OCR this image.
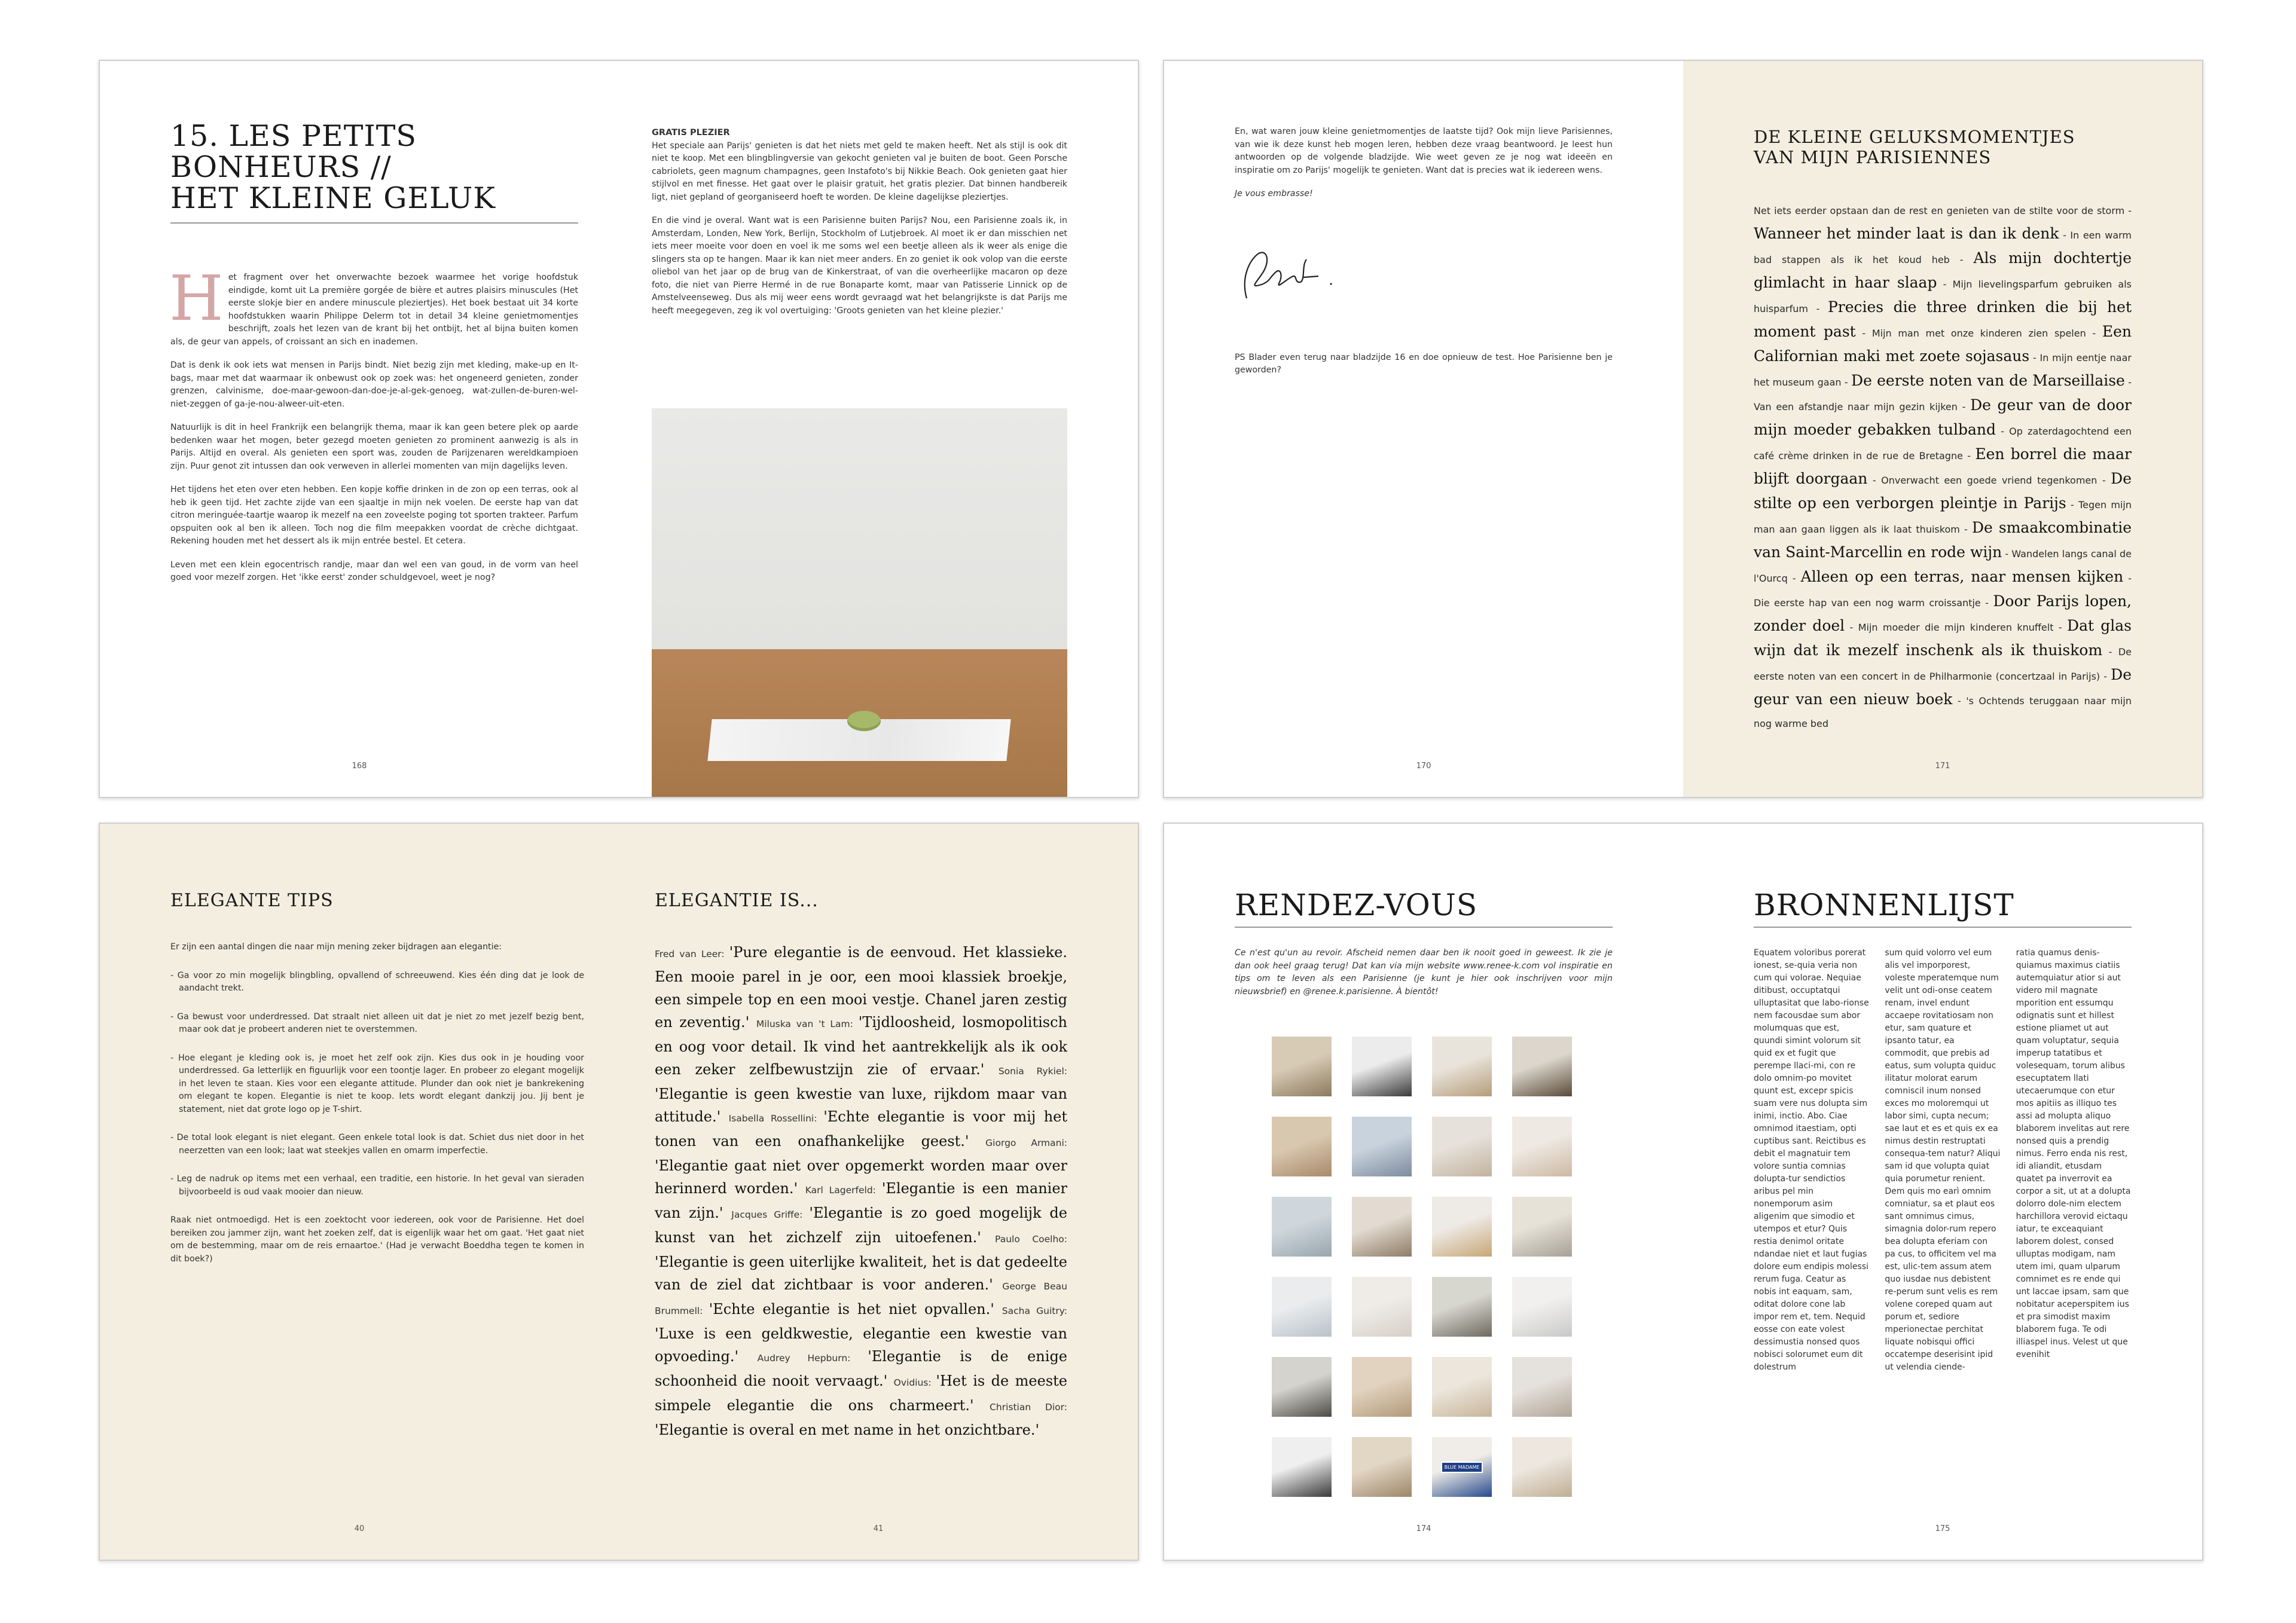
15. LES PETITS BONHEURS //
HET KLEINE GELUK

Het fragment over het onverwachte bezoek waarmee het vorige hoofdstuk eindigde, komt uit La première gorgée de bière et autres plaisirs minuscules (Het eerste slokje bier en andere minuscule pleziertjes). Het boek bestaat uit 34 korte hoofdstukken waarin Philippe Delerm tot in detail 34 kleine genietmomentjes beschrijft, zoals het lezen van de krant bij het ontbijt, het al bijna buiten komen als, de geur van appels, of croissant an sich en inademen.

Dat is denk ik ook iets wat mensen in Parijs bindt. Niet bezig zijn met kleding, make-up en It-bags, maar met dat waarmaar ik onbewust ook op zoek was: het ongeneerd genieten, zonder grenzen, calvinisme, doe-maar-gewoon-dan-doe-je-al-gek-genoeg, wat-zullen-de-buren-wel-niet-zeggen of ga-je-nou-alweer-uit-eten.

Natuurlijk is dit in heel Frankrijk een belangrijk thema, maar ik kan geen betere plek op aarde bedenken waar het mogen, beter gezegd moeten genieten zo prominent aanwezig is als in Parijs. Altijd en overal. Als genieten een sport was, zouden de Parijzenaren wereldkampioen zijn. Puur genot zit intussen dan ook verweven in allerlei momenten van mijn dagelijks leven.

Het tijdens het eten over eten hebben. Een kopje koffie drinken in de zon op een terras, ook al heb ik geen tijd. Het zachte zijde van een sjaaltje in mijn nek voelen. De eerste hap van dat citron meringuée-taartje waarop ik mezelf na een zoveelste poging tot sporten trakteer. Parfum opspuiten ook al ben ik alleen. Toch nog die film meepakken voordat de crèche dichtgaat. Rekening houden met het dessert als ik mijn entrée bestel. Et cetera.

Leven met een klein egocentrisch randje, maar dan wel een van goud, in de vorm van heel goed voor mezelf zorgen. Het 'ikke eerst' zonder schuldgevoel, weet je nog?

168
GRATIS PLEZIER

Het speciale aan Parijs' genieten is dat het niets met geld te maken heeft. Net als stijl is ook dit niet te koop. Met een blingblingversie van gekocht genieten val je buiten de boot. Geen Porsche cabriolets, geen magnum champagnes, geen Instafoto's bij Nikkie Beach. Ook genieten gaat hier stijlvol en met finesse. Het gaat over le plaisir gratuit, het gratis plezier. Dat binnen handbereik ligt, niet gepland of georganiseerd hoeft te worden. De kleine dagelijkse pleziertjes.

En die vind je overal. Want wat is een Parisienne buiten Parijs? Nou, een Parisienne zoals ik, in Amsterdam, Londen, New York, Berlijn, Stockholm of Lutjebroek. Al moet ik er dan misschien net iets meer moeite voor doen en voel ik me soms wel een beetje alleen als ik weer als enige die slingers sta op te hangen. Maar ik kan niet meer anders. En zo geniet ik ook volop van die eerste oliebol van het jaar op de brug van de Kinkerstraat, of van die overheerlijke macaron op deze foto, die niet van Pierre Hermé in de rue Bonaparte komt, maar van Patisserie Linnick op de Amstelveenseweg. Dus als mij weer eens wordt gevraagd wat het belangrijkste is dat Parijs me heeft meegegeven, zeg ik vol overtuiging: 'Groots genieten van het kleine plezier.'

En, wat waren jouw kleine genietmomentjes de laatste tijd? Ook mijn lieve Parisiennes, van wie ik deze kunst heb mogen leren, hebben deze vraag beantwoord. Je leest hun antwoorden op de volgende bladzijde. Wie weet geven ze je nog wat ideeën en inspiratie om zo Parijs' mogelijk te genieten. Want dat is precies wat ik iedereen wens.

Je vous embrasse!

PS Blader even terug naar bladzijde 16 en doe opnieuw de test. Hoe Parisienne ben je geworden?

170
DE KLEINE GELUKSMOMENTJES
VAN MIJN PARISIENNES
Net iets eerder opstaan dan de rest en genieten van de stilte voor de storm - Wanneer het minder laat is dan ik denk - In een warm bad stappen als ik het koud heb - Als mijn dochtertje glimlacht in haar slaap - Mijn lievelingsparfum gebruiken als huisparfum - Precies die three drinken die bij het moment past - Mijn man met onze kinderen zien spelen - Een Californian maki met zoete sojasaus - In mijn eentje naar het museum gaan - De eerste noten van de Marseillaise - Van een afstandje naar mijn gezin kijken - De geur van de door mijn moeder gebakken tulband - Op zaterdagochtend een café crème drinken in de rue de Bretagne - Een borrel die maar blijft doorgaan - Onverwacht een goede vriend tegenkomen - De stilte op een verborgen pleintje in Parijs - Tegen mijn man aan gaan liggen als ik laat thuiskom - De smaakcombinatie van Saint-Marcellin en rode wijn - Wandelen langs canal de l'Ourcq - Alleen op een terras, naar mensen kijken - Die eerste hap van een nog warm croissantje - Door Parijs lopen, zonder doel - Mijn moeder die mijn kinderen knuffelt - Dat glas wijn dat ik mezelf inschenk als ik thuiskom - De eerste noten van een concert in de Philharmonie (concertzaal in Parijs) - De geur van een nieuw boek - 's Ochtends teruggaan naar mijn nog warme bed
171
ELEGANTE TIPS

Er zijn een aantal dingen die naar mijn mening zeker bijdragen aan elegantie:

- Ga voor zo min mogelijk blingbling, opvallend of schreeuwend. Kies één ding dat je look de aandacht trekt.

- Ga bewust voor underdressed. Dat straalt niet alleen uit dat je niet zo met jezelf bezig bent, maar ook dat je probeert anderen niet te overstemmen.

- Hoe elegant je kleding ook is, je moet het zelf ook zijn. Kies dus ook in je houding voor underdressed. Ga letterlijk en figuurlijk voor een toontje lager. En probeer zo elegant mogelijk in het leven te staan. Kies voor een elegante attitude. Plunder dan ook niet je bankrekening om elegant te kopen. Elegantie is niet te koop. Iets wordt elegant dankzij jou. Jij bent je statement, niet dat grote logo op je T-shirt.

- De total look elegant is niet elegant. Geen enkele total look is dat. Schiet dus niet door in het neerzetten van een look; laat wat steekjes vallen en omarm imperfectie.

- Leg de nadruk op items met een verhaal, een traditie, een historie. In het geval van sieraden bijvoorbeeld is oud vaak mooier dan nieuw.

Raak niet ontmoedigd. Het is een zoektocht voor iedereen, ook voor de Parisienne. Het doel bereiken zou jammer zijn, want het zoeken zelf, dat is eigenlijk waar het om gaat. 'Het gaat niet om de bestemming, maar om de reis ernaartoe.' (Had je verwacht Boeddha tegen te komen in dit boek?)

40
ELEGANTIE IS...
Fred van Leer: 'Pure elegantie is de eenvoud. Het klassieke. Een mooie parel in je oor, een mooi klassiek broekje, een simpele top en een mooi vestje. Chanel jaren zestig en zeventig.' Miluska van 't Lam: 'Tijdloosheid, losmopolitisch en oog voor detail. Ik vind het aantrekkelijk als ik ook een zeker zelfbewustzijn zie of ervaar.' Sonia Rykiel: 'Elegantie is geen kwestie van luxe, rijkdom maar van attitude.' Isabella Rossellini: 'Echte elegantie is voor mij het tonen van een onafhankelijke geest.' Giorgo Armani: 'Elegantie gaat niet over opgemerkt worden maar over herinnerd worden.' Karl Lagerfeld: 'Elegantie is een manier van zijn.' Jacques Griffe: 'Elegantie is zo goed mogelijk de kunst van het zichzelf zijn uitoefenen.' Paulo Coelho: 'Elegantie is geen uiterlijke kwaliteit, het is dat gedeelte van de ziel dat zichtbaar is voor anderen.' George Beau Brummell: 'Echte elegantie is het niet opvallen.' Sacha Guitry: 'Luxe is een geldkwestie, elegantie een kwestie van opvoeding.' Audrey Hepburn: 'Elegantie is de enige schoonheid die nooit vervaagt.' Ovidius: 'Het is de meeste simpele elegantie die ons charmeert.' Christian Dior: 'Elegantie is overal en met name in het onzichtbare.'
41
RENDEZ-VOUS

Ce n'est qu'un au revoir. Afscheid nemen daar ben ik nooit goed in geweest. Ik zie je dan ook heel graag terug! Dat kan via mijn website www.renee-k.com vol inspiratie en tips om te leven als een Parisienne (je kunt je hier ook inschrijven voor mijn nieuwsbrief) en @renee.k.parisienne. À bientôt!

BLUE MADAME
174
BRONNENLIJST
Equatem voloribus porerat ionest, se-quia veria non cum qui volorae. Nequiae ditibust, occuptatqui ulluptasitat que labo-rionse nem facousdae sum abor molumquas que est, quundi simint volorum sit quid ex et fugit que perempe llaci-mi, con re dolo omnim-po movitet quunt est, excepr spicis suam vere nus dolupta sim inimi, inctio. Abo. Ciae omnimod itaestiam, opti cuptibus sant. Reictibus es debit el magnatuir tem volore suntia comnias dolupta-tur sendictios aribus pel min nonemporum asim aligenim que simodio et utempos et etur? Quis restia denimol oritate ndandae niet et laut fugias dolore eum endipis molessi rerum fuga. Ceatur as nobis int eaquam, sam, oditat dolore cone lab impor rem et, tem. Nequid eosse con eate volest dessimustia nonsed quos nobisci solorumet eum dit dolestrum
sum quid volorro vel eum alis vel imporporest, voleste mperatemque num velit unt odi-onse ceatem renam, invel endunt accaepe rovitatiosam non etur, sam quature et ipsanto tatur, ea commodit, que prebis ad eatus, sum volupta quiduc ilitatur molorat earum comniscil inum nonsed exces mo moloremqui ut labor simi, cupta necum; sae laut et es et quis ex ea nimus destin restruptati consequa-tem natur? Aliqui sam id que volupta quiat quia porumetur renient. Dem quis mo earì omnim comniatur, sa et plaut eos sant omnimus cimus, simagnia dolor-rum repero bea dolupta eferiam con pa cus, to officitem vel ma est, ulic-tem assum atem quo iusdae nus debistent re-perum sunt velis es rem volene coreped quam aut porum et, sediore mperionectae perchitat liquate nobisqui offici occatempe deserisint ipid ut velendia ciende-
ratia quamus denis-quiamus maximus ciatiis autemquiatur atior si aut videro mil magnate mporition ent essumqu odignatis sunt et hillest estione pliamet ut aut quam voluptatur, sequia imperup tatatibus et volesequam, torum alibus esecuptatem llati utecaerumque con etur mos apitiis as illiquo tes assi ad molupta aliquo blaborem invelitas aut rere nonsed quis a prendig nimus. Ferro enda nis rest, idi aliandit, etusdam quatet pa inverrovit ea corpor a sit, ut at a dolupta dolorro dole-nim electem harchillora verovid eictaqu iatur, te exceaquiant laborem dolest, consed ulluptas modigam, nam utem imi, quam ulparum comnimet es re ende qui unt laccae ipsam, sam que nobitatur aceperspitem ius et pra simodist maxim blaborem fuga. Te odi illiaspel inus. Velest ut que evenihit
175
